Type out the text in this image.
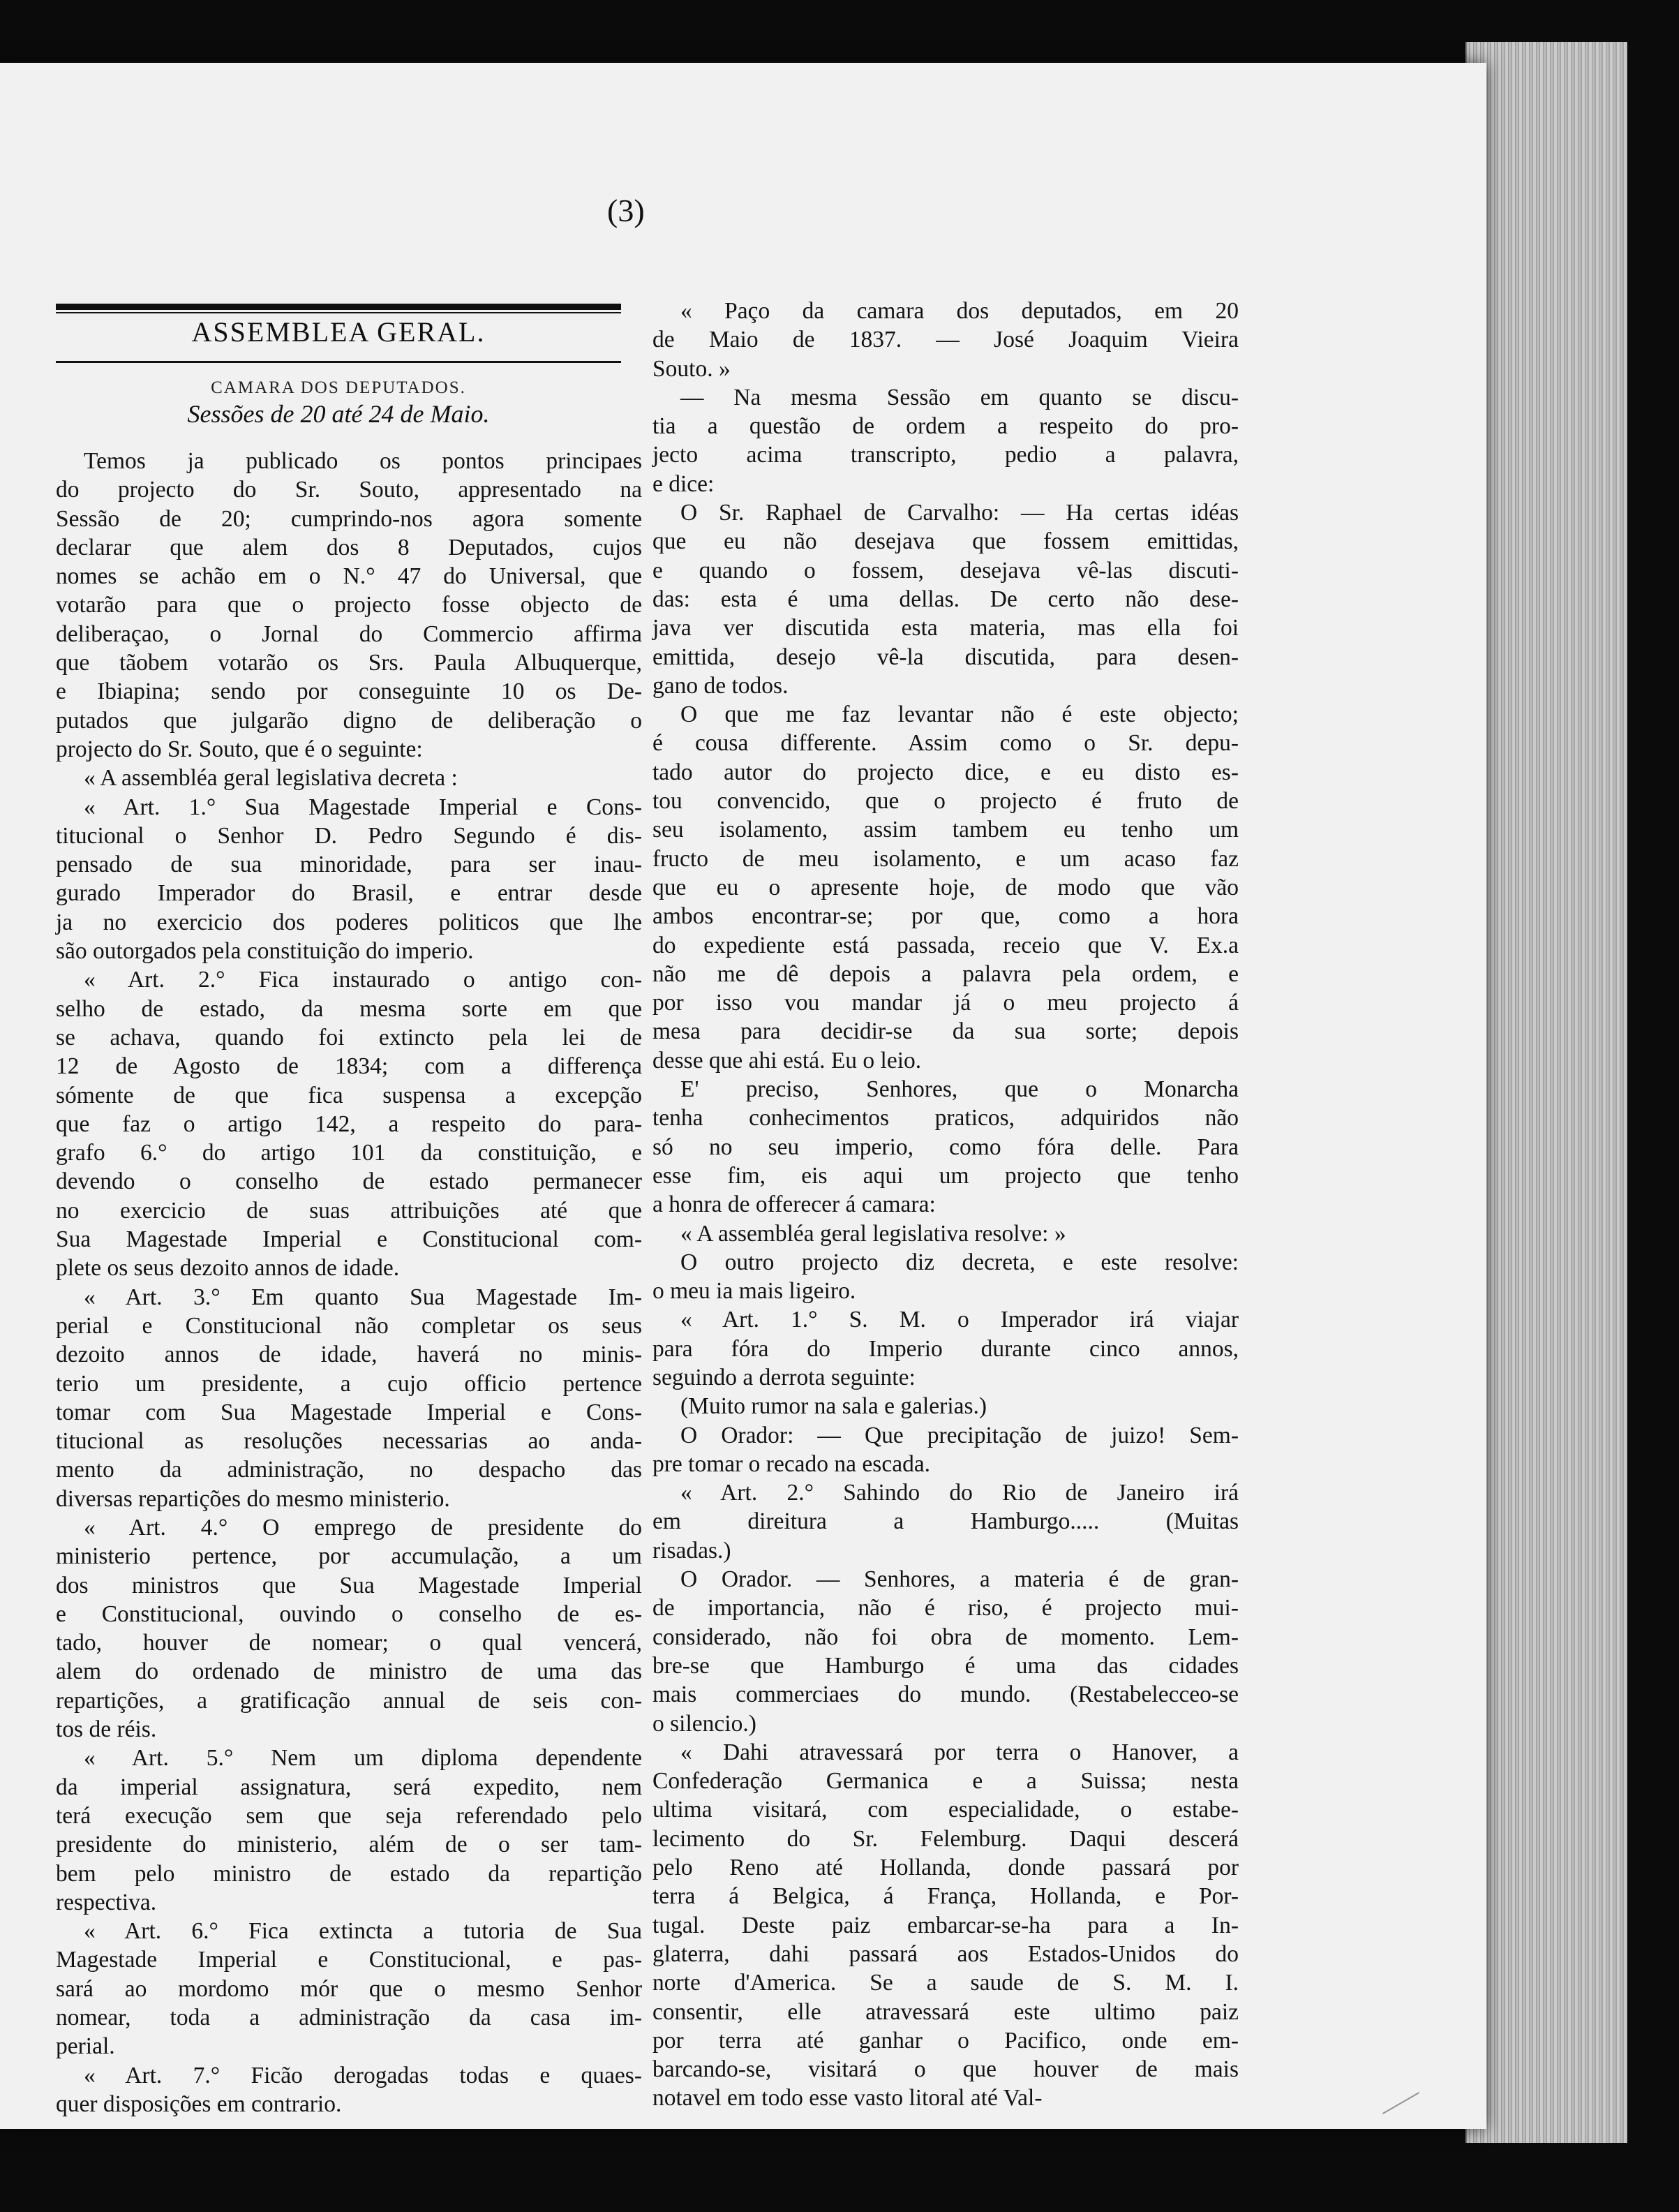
(3)
ASSEMBLEA GERAL.
CAMARA DOS DEPUTADOS.
Sessões de 20 até 24 de Maio.
Temos ja publicado os pontos principaes
do projecto do Sr. Souto, appresentado na
Sessão de 20; cumprindo-nos agora somente
declarar que alem dos 8 Deputados, cujos
nomes se achão em o N.° 47 do Universal, que
votarão para que o projecto fosse objecto de
deliberaçao, o Jornal do Commercio affirma
que tãobem votarão os Srs. Paula Albuquerque,
e Ibiapina; sendo por conseguinte 10 os De-
putados que julgarão digno de deliberação o
projecto do Sr. Souto, que é o seguinte:
« A assembléa geral legislativa decreta :
« Art. 1.° Sua Magestade Imperial e Cons-
titucional o Senhor D. Pedro Segundo é dis-
pensado de sua minoridade, para ser inau-
gurado Imperador do Brasil, e entrar desde
ja no exercicio dos poderes politicos que lhe
são outorgados pela constituição do imperio.
« Art. 2.° Fica instaurado o antigo con-
selho de estado, da mesma sorte em que
se achava, quando foi extincto pela lei de
12 de Agosto de 1834; com a differença
sómente de que fica suspensa a excepção
que faz o artigo 142, a respeito do para-
grafo 6.° do artigo 101 da constituição, e
devendo o conselho de estado permanecer
no exercicio de suas attribuições até que
Sua Magestade Imperial e Constitucional com-
plete os seus dezoito annos de idade.
« Art. 3.° Em quanto Sua Magestade Im-
perial e Constitucional não completar os seus
dezoito annos de idade, haverá no minis-
terio um presidente, a cujo officio pertence
tomar com Sua Magestade Imperial e Cons-
titucional as resoluções necessarias ao anda-
mento da administração, no despacho das
diversas repartições do mesmo ministerio.
« Art. 4.° O emprego de presidente do
ministerio pertence, por accumulação, a um
dos ministros que Sua Magestade Imperial
e Constitucional, ouvindo o conselho de es-
tado, houver de nomear; o qual vencerá,
alem do ordenado de ministro de uma das
repartições, a gratificação annual de seis con-
tos de réis.
« Art. 5.° Nem um diploma dependente
da imperial assignatura, será expedito, nem
terá execução sem que seja referendado pelo
presidente do ministerio, além de o ser tam-
bem pelo ministro de estado da repartição
respectiva.
« Art. 6.° Fica extincta a tutoria de Sua
Magestade Imperial e Constitucional, e pas-
sará ao mordomo mór que o mesmo Senhor
nomear, toda a administração da casa im-
perial.
« Art. 7.° Ficão derogadas todas e quaes-
quer disposições em contrario.
« Paço da camara dos deputados, em 20
de Maio de 1837. — José Joaquim Vieira
Souto. »
— Na mesma Sessão em quanto se discu-
tia a questão de ordem a respeito do pro-
jecto acima transcripto, pedio a palavra,
e dice:
O Sr. Raphael de Carvalho: — Ha certas idéas
que eu não desejava que fossem emittidas,
e quando o fossem, desejava vê-las discuti-
das: esta é uma dellas. De certo não dese-
java ver discutida esta materia, mas ella foi
emittida, desejo vê-la discutida, para desen-
gano de todos.
O que me faz levantar não é este objecto;
é cousa differente. Assim como o Sr. depu-
tado autor do projecto dice, e eu disto es-
tou convencido, que o projecto é fruto de
seu isolamento, assim tambem eu tenho um
fructo de meu isolamento, e um acaso faz
que eu o apresente hoje, de modo que vão
ambos encontrar-se; por que, como a hora
do expediente está passada, receio que V. Ex.a
não me dê depois a palavra pela ordem, e
por isso vou mandar já o meu projecto á
mesa para decidir-se da sua sorte; depois
desse que ahi está. Eu o leio.
E' preciso, Senhores, que o Monarcha
tenha conhecimentos praticos, adquiridos não
só no seu imperio, como fóra delle. Para
esse fim, eis aqui um projecto que tenho
a honra de offerecer á camara:
« A assembléa geral legislativa resolve: »
O outro projecto diz decreta, e este resolve:
o meu ia mais ligeiro.
« Art. 1.° S. M. o Imperador irá viajar
para fóra do Imperio durante cinco annos,
seguindo a derrota seguinte:
(Muito rumor na sala e galerias.)
O Orador: — Que precipitação de juizo! Sem-
pre tomar o recado na escada.
« Art. 2.° Sahindo do Rio de Janeiro irá
em direitura a Hamburgo..... (Muitas
risadas.)
O Orador. — Senhores, a materia é de gran-
de importancia, não é riso, é projecto mui-
considerado, não foi obra de momento. Lem-
bre-se que Hamburgo é uma das cidades
mais commerciaes do mundo. (Restabelecceo-se
o silencio.)
« Dahi atravessará por terra o Hanover, a
Confederação Germanica e a Suissa; nesta
ultima visitará, com especialidade, o estabe-
lecimento do Sr. Felemburg. Daqui descerá
pelo Reno até Hollanda, donde passará por
terra á Belgica, á França, Hollanda, e Por-
tugal. Deste paiz embarcar-se-ha para a In-
glaterra, dahi passará aos Estados-Unidos do
norte d'America. Se a saude de S. M. I.
consentir, elle atravessará este ultimo paiz
por terra até ganhar o Pacifico, onde em-
barcando-se, visitará o que houver de mais
notavel em todo esse vasto litoral até Val-
